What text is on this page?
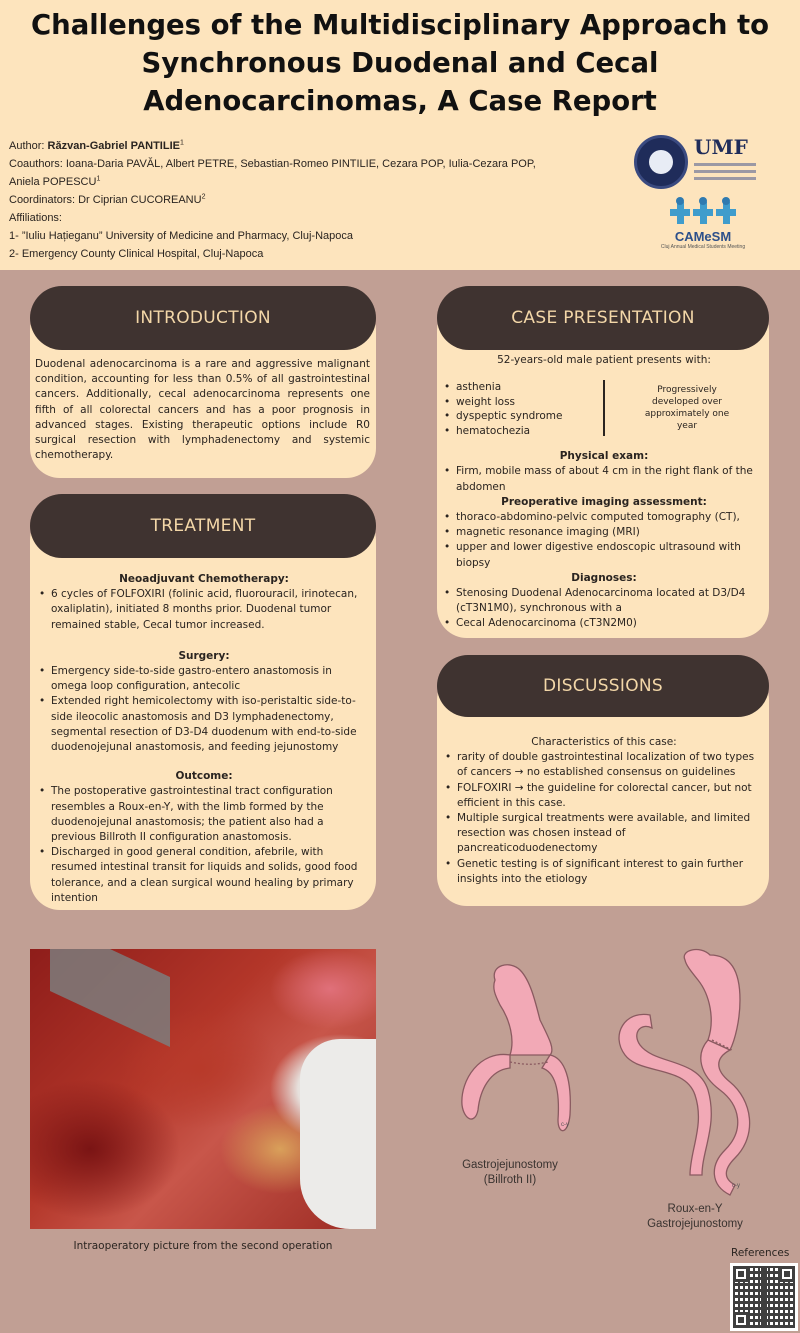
Challenges of the Multidisciplinary Approach to
Synchronous Duodenal and Cecal
Adenocarcinomas, A Case Report
Author: Răzvan-Gabriel PANTILIE$^1$
Coauthors: Ioana-Daria PAVĂL, Albert PETRE, Sebastian-Romeo PINTILIE, Cezara POP, Iulia-Cezara POP,
Aniela POPESCU$^1$
Coordinators: Dr Ciprian CUCOREANU$^2$
Affiliations:
1- ”Iuliu Hațieganu” University of Medicine and Pharmacy, Cluj-Napoca
2- Emergency County Clinical Hospital, Cluj-Napoca
UMF
CAMeSM
Cluj Annual Medical Students Meeting
INTRODUCTION
Duodenal adenocarcinoma is a rare and aggressive malignant condition, accounting for less than 0.5% of all gastrointestinal cancers. Additionally, cecal adenocarcinoma represents one fifth of all colorectal cancers and has a poor prognosis in advanced stages. Existing therapeutic options include R0 surgical resection with lymphadenectomy and systemic chemotherapy.
TREATMENT
Neoadjuvant Chemotherapy:
• 6 cycles of FOLFOXIRI (folinic acid, fluorouracil, irinotecan, oxaliplatin), initiated 8 months prior. Duodenal tumor remained stable, Cecal tumor increased.
Surgery:
• Emergency side-to-side gastro-entero anastomosis in omega loop configuration, antecolic
• Extended right hemicolectomy with iso-peristaltic side-to-side ileocolic anastomosis and D3 lymphadenectomy, segmental resection of D3-D4 duodenum with end-to-side duodenojejunal anastomosis, and feeding jejunostomy
Outcome:
• The postoperative gastrointestinal tract configuration resembles a Roux-en-Y, with the limb formed by the duodenojejunal anastomosis; the patient also had a previous Billroth II configuration anastomosis.
• Discharged in good general condition, afebrile, with resumed intestinal transit for liquids and solids, good food tolerance, and a clean surgical wound healing by primary intention
CASE PRESENTATION
52-years-old male patient presents with:
• asthenia
• weight loss
• dyspeptic syndrome
• hematochezia
Progressively developed over approximately one year
Physical exam:
• Firm, mobile mass of about 4 cm in the right flank of the abdomen
Preoperative imaging assessment:
• thoraco-abdomino-pelvic computed tomography (CT),
• magnetic resonance imaging (MRI)
• upper and lower digestive endoscopic ultrasound with biopsy
Diagnoses:
• Stenosing Duodenal Adenocarcinoma located at D3/D4 (cT3N1M0), synchronous with a
• Cecal Adenocarcinoma (cT3N2M0)
DISCUSSIONS
Characteristics of this case:
• rarity of double gastrointestinal localization of two types of cancers → no established consensus on guidelines
• FOLFOXIRI → the guideline for colorectal cancer, but not efficient in this case.
• Multiple surgical treatments were available, and limited resection was chosen instead of pancreaticoduodenectomy
• Genetic testing is of significant interest to gain further insights into the etiology
Intraoperatory picture from the second operation
c-y
c-y
Gastrojejunostomy
(Billroth II)
Roux-en-Y
Gastrojejunostomy
References
